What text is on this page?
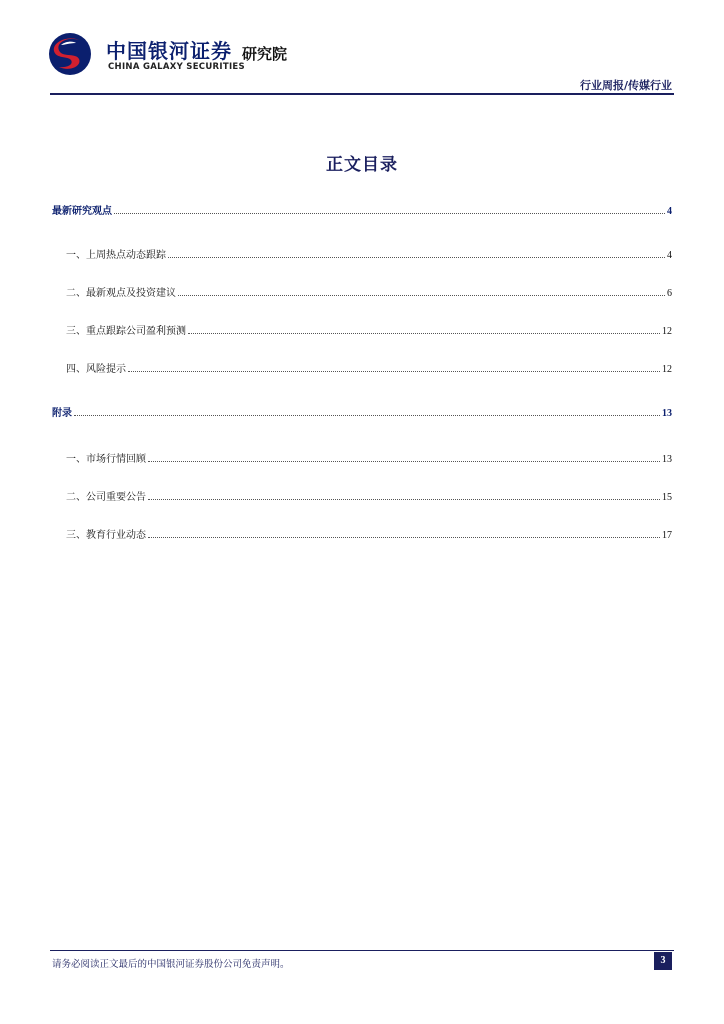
中国银河证券 研究院
CHINA GALAXY SECURITIES
行业周报/传媒行业
正文目录
最新研究观点	4
一、上周热点动态跟踪	4
二、最新观点及投资建议	6
三、重点跟踪公司盈利预测	12
四、风险提示	12
附录	13
一、市场行情回顾	13
二、公司重要公告	15
三、教育行业动态	17
请务必阅读正文最后的中国银河证券股份公司免责声明。	3
